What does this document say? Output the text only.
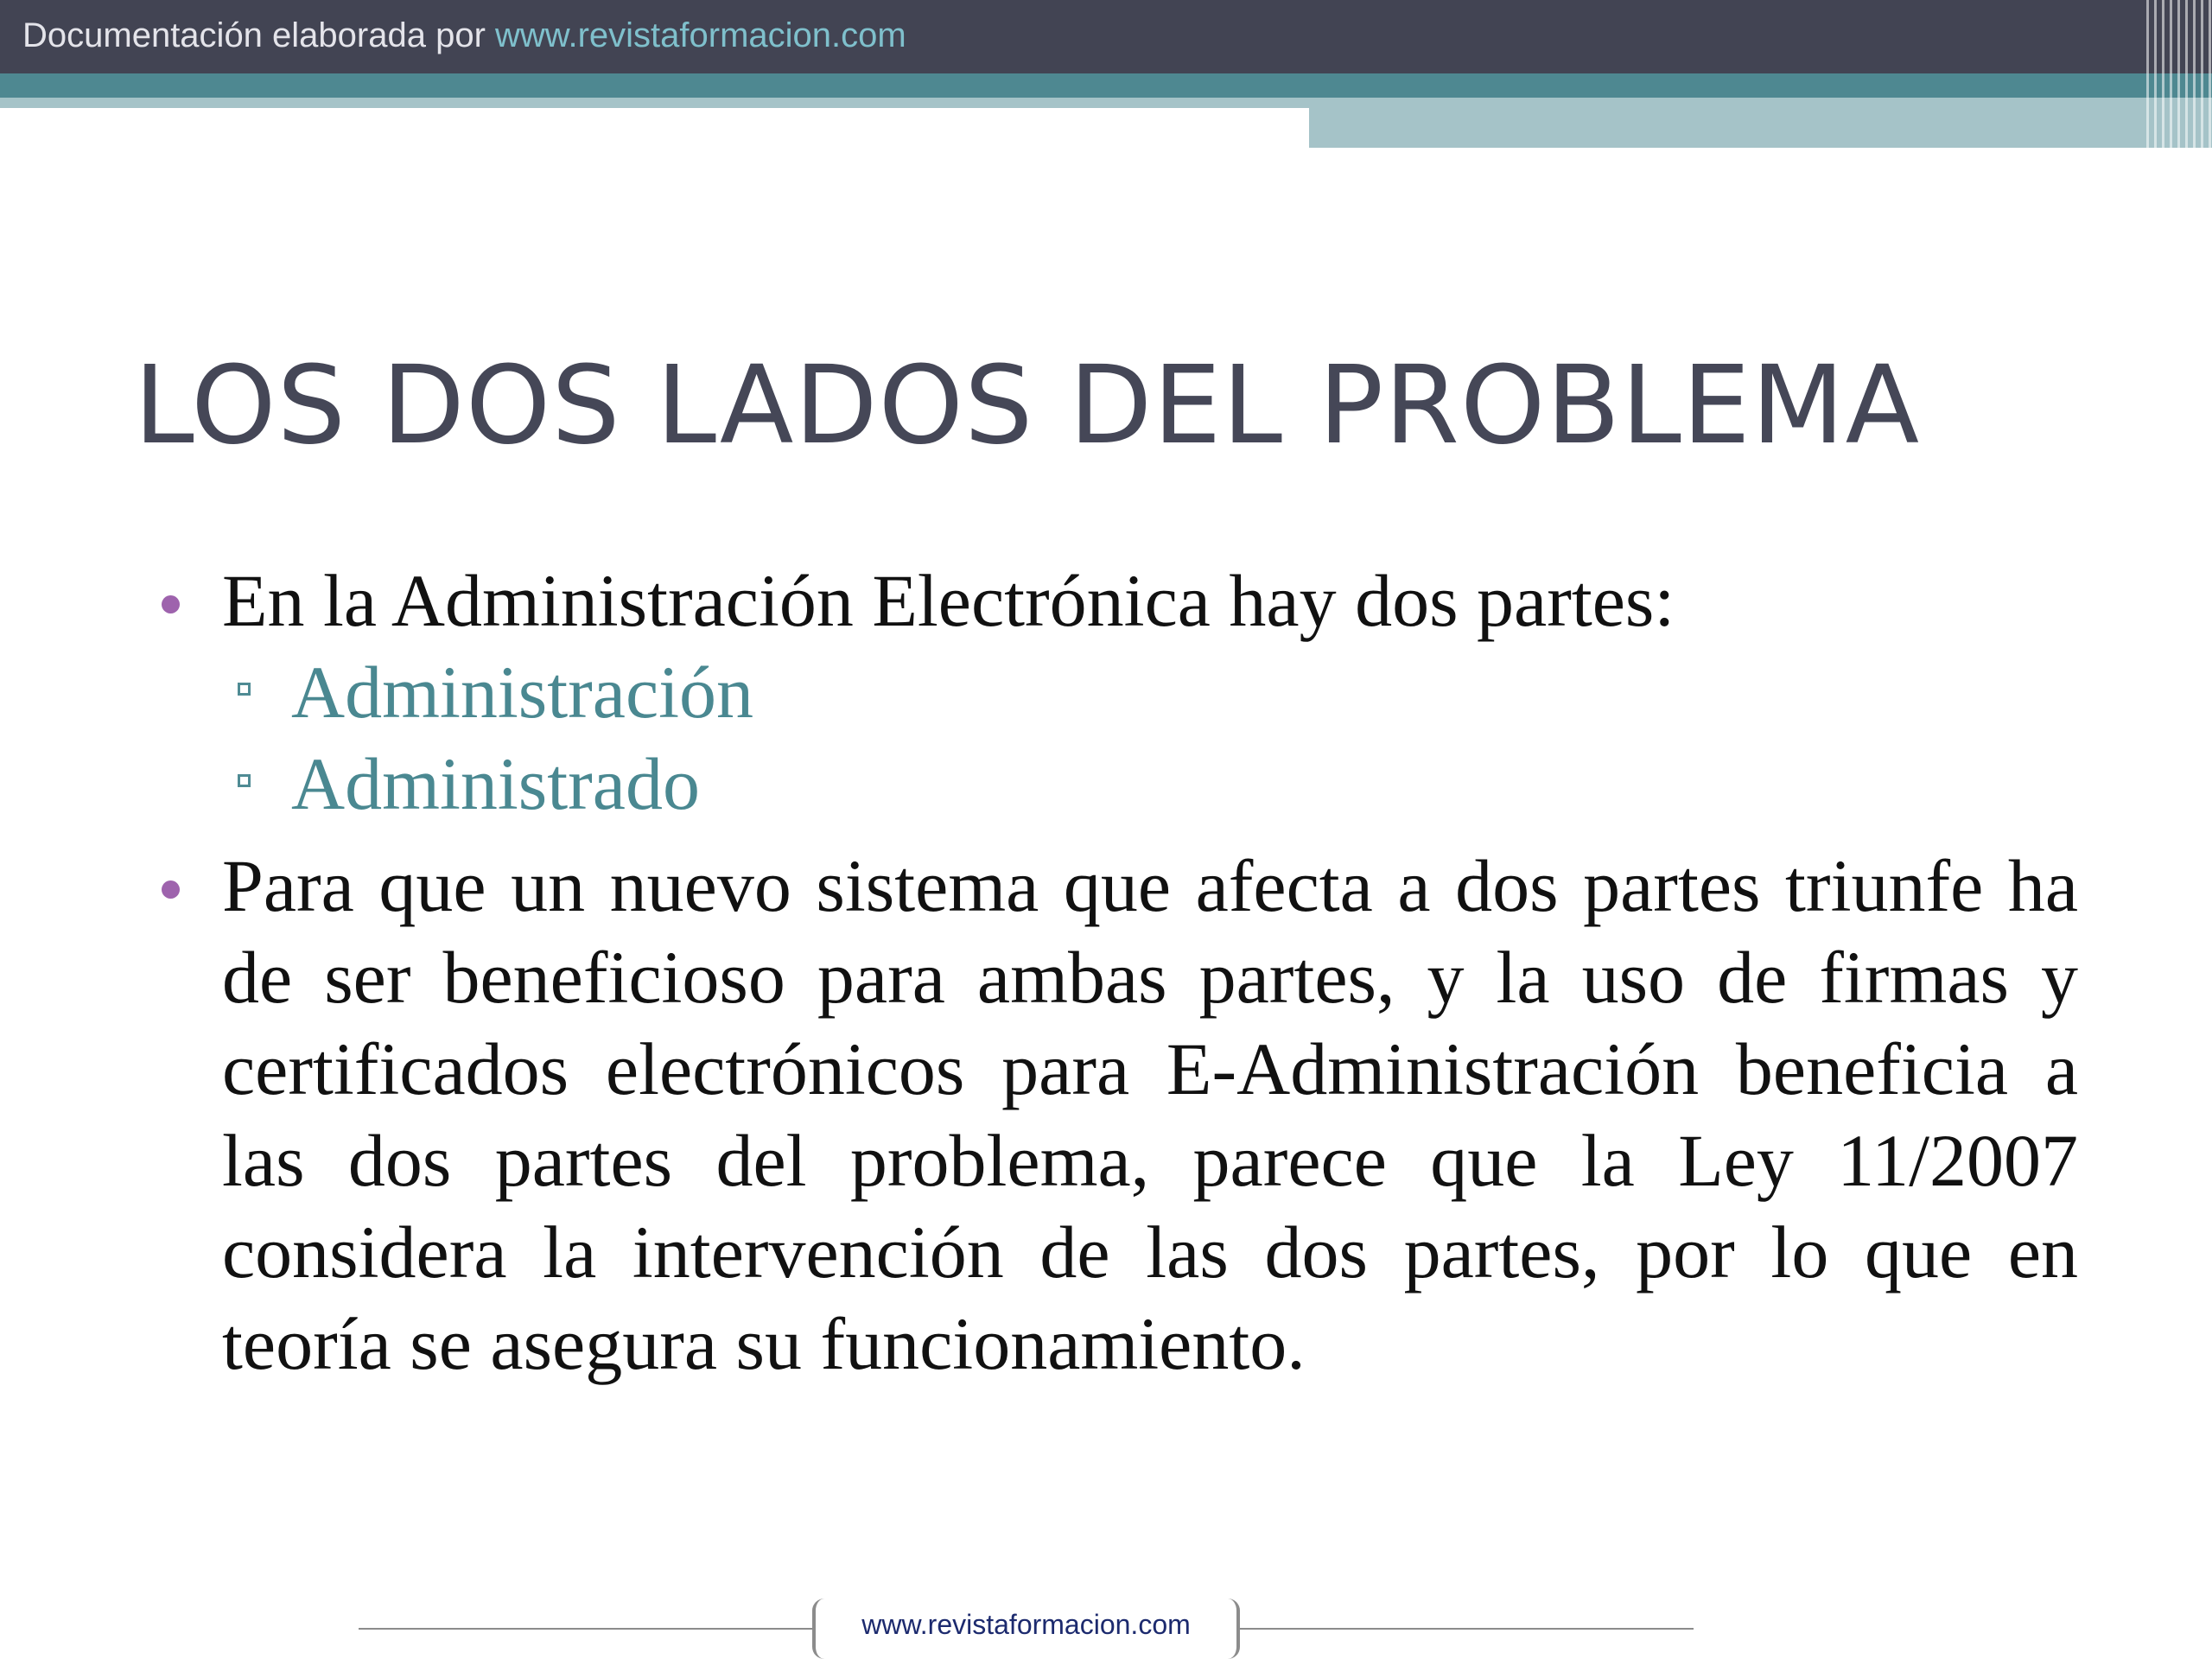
Documentación elaborada por www.revistaformacion.com
LOS DOS LADOS DEL PROBLEMA
En la Administración Electrónica hay dos partes:
Administración
Administrado
Para que un nuevo sistema que afecta a dos partes triunfe ha de ser beneficioso para ambas partes, y la uso de firmas y certificados electrónicos para E-Administración beneficia a las dos partes del problema, parece que la Ley 11/2007 considera la intervención de las dos partes, por lo que en teoría se asegura su funcionamiento.
www.revistaformacion.com
